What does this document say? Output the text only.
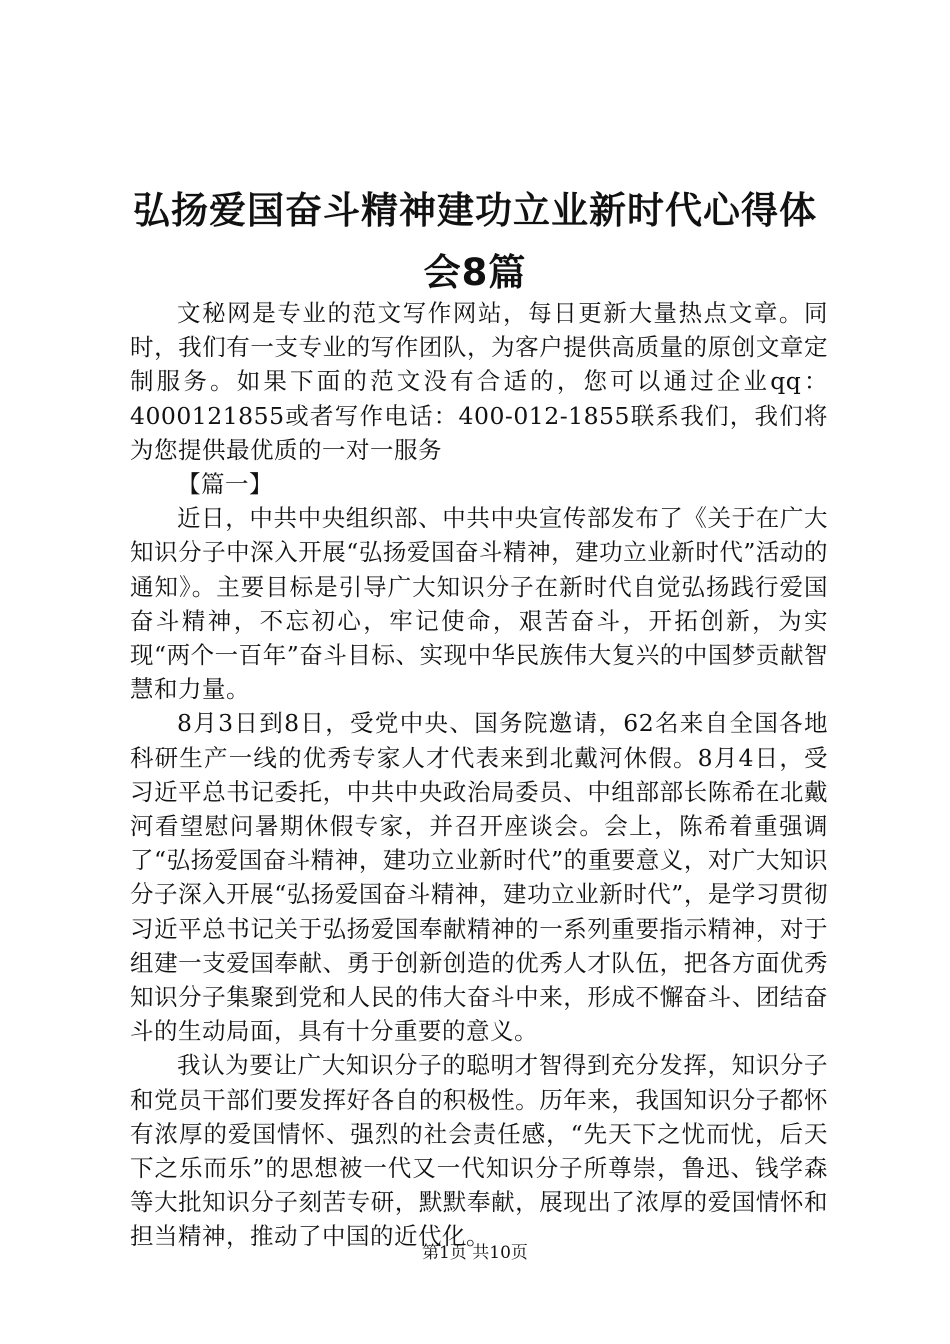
弘扬爱国奋斗精神建功立业新时代心得体会8篇

文秘网是专业的范文写作网站，每日更新大量热点文章。同时，我们有一支专业的写作团队，为客户提供高质量的原创文章定制服务。如果下面的范文没有合适的，您可以通过企业qq：4000121855或者写作电话：400-012-1855联系我们，我们将为您提供最优质的一对一服务

【篇一】

近日，中共中央组织部、中共中央宣传部发布了《关于在广大知识分子中深入开展“弘扬爱国奋斗精神，建功立业新时代”活动的通知》。主要目标是引导广大知识分子在新时代自觉弘扬践行爱国奋斗精神，不忘初心，牢记使命，艰苦奋斗，开拓创新，为实现“两个一百年”奋斗目标、实现中华民族伟大复兴的中国梦贡献智慧和力量。

8月3日到8日，受党中央、国务院邀请，62名来自全国各地科研生产一线的优秀专家人才代表来到北戴河休假。8月4日，受习近平总书记委托，中共中央政治局委员、中组部部长陈希在北戴河看望慰问暑期休假专家，并召开座谈会。会上，陈希着重强调了“弘扬爱国奋斗精神，建功立业新时代”的重要意义，对广大知识分子深入开展“弘扬爱国奋斗精神，建功立业新时代”，是学习贯彻习近平总书记关于弘扬爱国奉献精神的一系列重要指示精神，对于组建一支爱国奉献、勇于创新创造的优秀人才队伍，把各方面优秀知识分子集聚到党和人民的伟大奋斗中来，形成不懈奋斗、团结奋斗的生动局面，具有十分重要的意义。

我认为要让广大知识分子的聪明才智得到充分发挥，知识分子和党员干部们要发挥好各自的积极性。历年来，我国知识分子都怀有浓厚的爱国情怀、强烈的社会责任感，“先天下之忧而忧，后天下之乐而乐”的思想被一代又一代知识分子所尊崇，鲁迅、钱学森等大批知识分子刻苦专研，默默奉献，展现出了浓厚的爱国情怀和担当精神，推动了中国的近代化。

第1页 共10页
